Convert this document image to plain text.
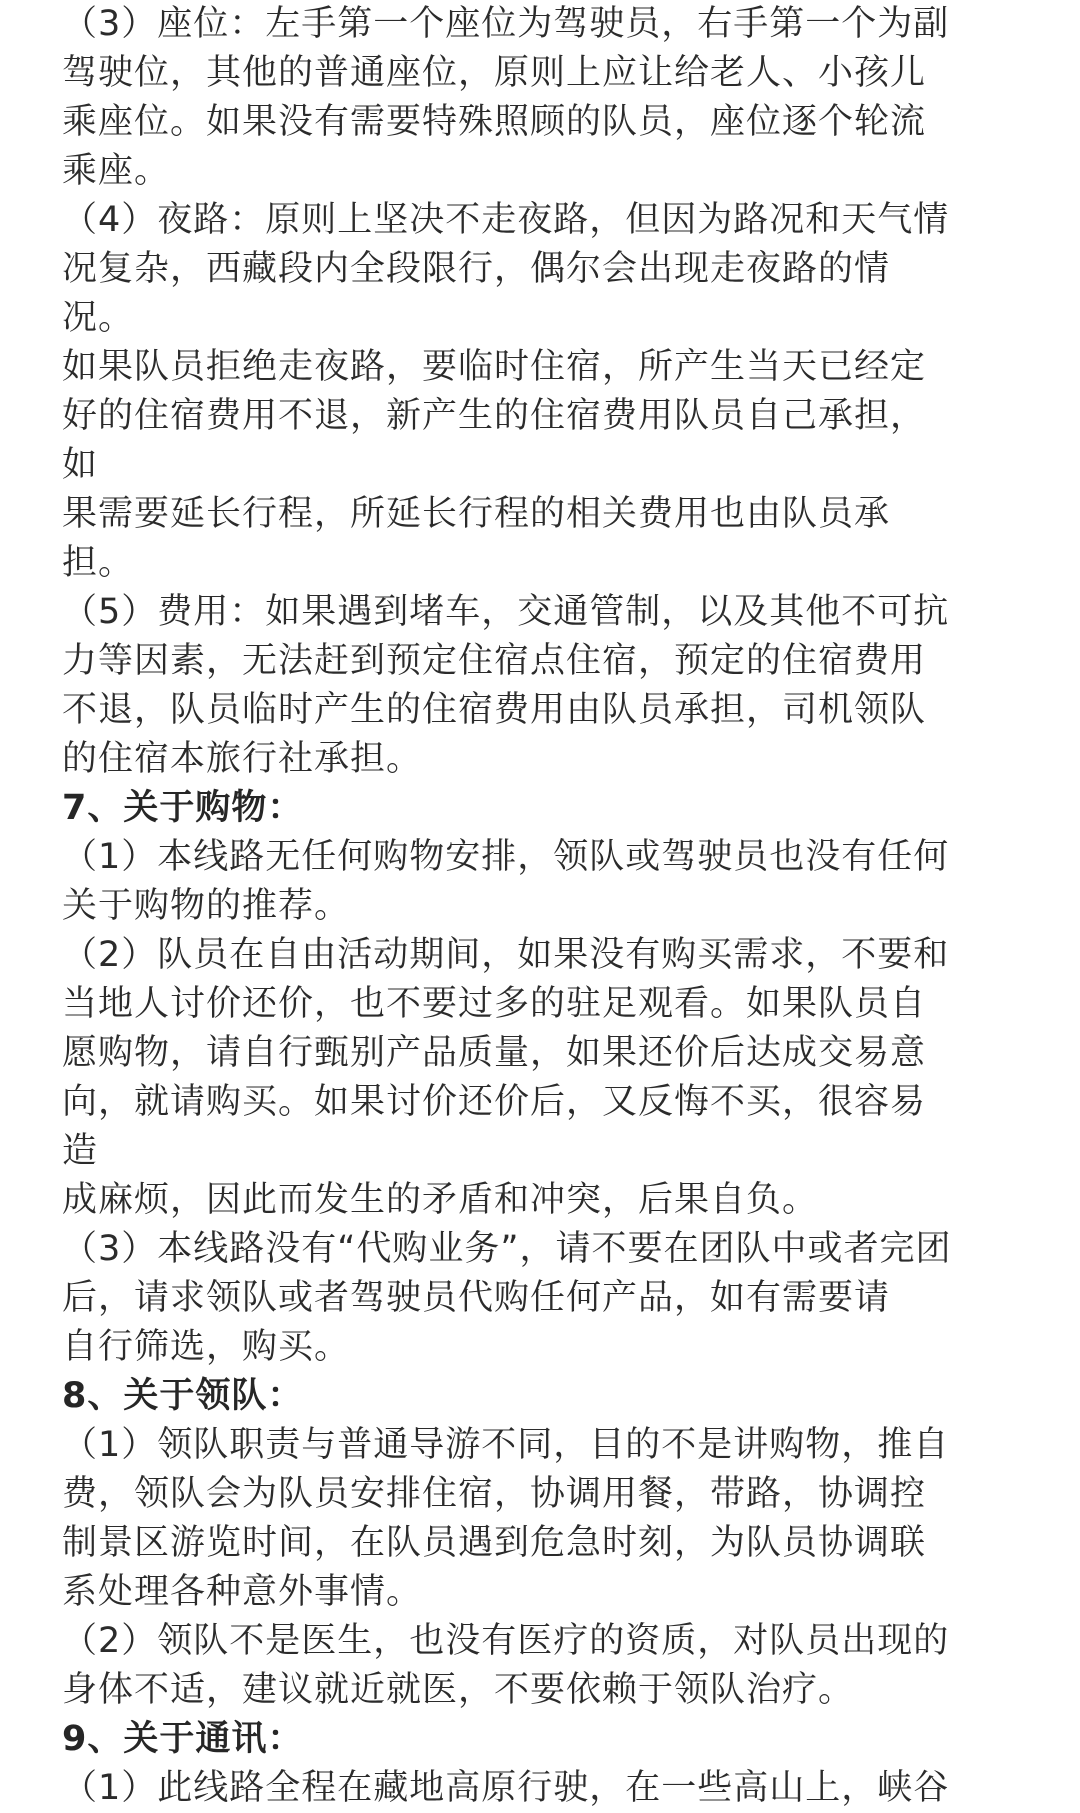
（3）座位：左手第一个座位为驾驶员，右手第一个为副
驾驶位，其他的普通座位，原则上应让给老人、小孩儿
乘座位。如果没有需要特殊照顾的队员，座位逐个轮流
乘座。
（4）夜路：原则上坚决不走夜路，但因为路况和天气情
况复杂，西藏段内全段限行，偶尔会出现走夜路的情
况。
如果队员拒绝走夜路，要临时住宿，所产生当天已经定
好的住宿费用不退，新产生的住宿费用队员自己承担，
如
果需要延长行程，所延长行程的相关费用也由队员承
担。
（5）费用：如果遇到堵车，交通管制，以及其他不可抗
力等因素，无法赶到预定住宿点住宿，预定的住宿费用
不退，队员临时产生的住宿费用由队员承担，司机领队
的住宿本旅行社承担。
7、关于购物：
（1）本线路无任何购物安排，领队或驾驶员也没有任何
关于购物的推荐。
（2）队员在自由活动期间，如果没有购买需求，不要和
当地人讨价还价，也不要过多的驻足观看。如果队员自
愿购物，请自行甄别产品质量，如果还价后达成交易意
向，就请购买。如果讨价还价后，又反悔不买，很容易
造
成麻烦，因此而发生的矛盾和冲突，后果自负。
（3）本线路没有“代购业务”，请不要在团队中或者完团
后，请求领队或者驾驶员代购任何产品，如有需要请
自行筛选，购买。
8、关于领队：
（1）领队职责与普通导游不同，目的不是讲购物，推自
费，领队会为队员安排住宿，协调用餐，带路，协调控
制景区游览时间，在队员遇到危急时刻，为队员协调联
系处理各种意外事情。
（2）领队不是医生，也没有医疗的资质，对队员出现的
身体不适，建议就近就医，不要依赖于领队治疗。
9、关于通讯：
（1）此线路全程在藏地高原行驶，在一些高山上，峡谷
